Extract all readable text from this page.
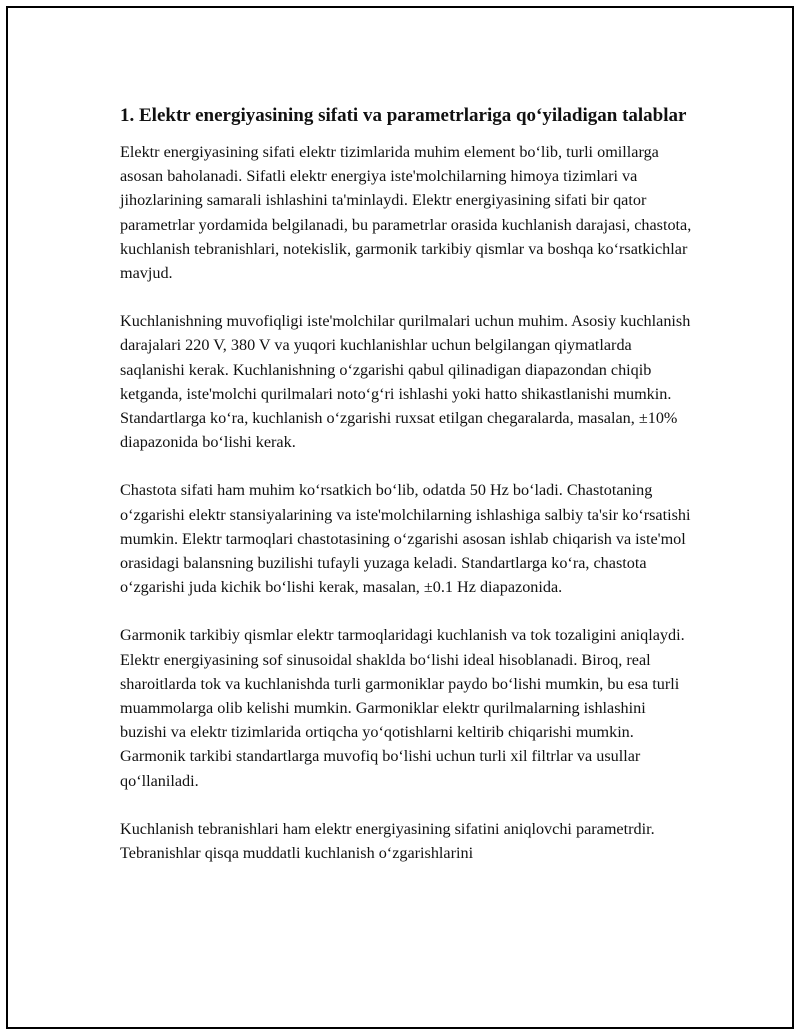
1. Elektr energiyasining sifati va parametrlariga qo‘yiladigan talablar

Elektr energiyasining sifati elektr tizimlarida muhim element bo‘lib, turli omillarga asosan baholanadi. Sifatli elektr energiya iste'molchilarning himoya tizimlari va jihozlarining samarali ishlashini ta'minlaydi. Elektr energiyasining sifati bir qator parametrlar yordamida belgilanadi, bu parametrlar orasida kuchlanish darajasi, chastota, kuchlanish tebranishlari, notekislik, garmonik tarkibiy qismlar va boshqa ko‘rsatkichlar mavjud.

Kuchlanishning muvofiqligi iste'molchilar qurilmalari uchun muhim. Asosiy kuchlanish darajalari 220 V, 380 V va yuqori kuchlanishlar uchun belgilangan qiymatlarda saqlanishi kerak. Kuchlanishning o‘zgarishi qabul qilinadigan diapazondan chiqib ketganda, iste'molchi qurilmalari noto‘g‘ri ishlashi yoki hatto shikastlanishi mumkin. Standartlarga ko‘ra, kuchlanish o‘zgarishi ruxsat etilgan chegaralarda, masalan, ±10% diapazonida bo‘lishi kerak.

Chastota sifati ham muhim ko‘rsatkich bo‘lib, odatda 50 Hz bo‘ladi. Chastotaning o‘zgarishi elektr stansiyalarining va iste'molchilarning ishlashiga salbiy ta'sir ko‘rsatishi mumkin. Elektr tarmoqlari chastotasining o‘zgarishi asosan ishlab chiqarish va iste'mol orasidagi balansning buzilishi tufayli yuzaga keladi. Standartlarga ko‘ra, chastota o‘zgarishi juda kichik bo‘lishi kerak, masalan, ±0.1 Hz diapazonida.

Garmonik tarkibiy qismlar elektr tarmoqlaridagi kuchlanish va tok tozaligini aniqlaydi. Elektr energiyasining sof sinusoidal shaklda bo‘lishi ideal hisoblanadi. Biroq, real sharoitlarda tok va kuchlanishda turli garmoniklar paydo bo‘lishi mumkin, bu esa turli muammolarga olib kelishi mumkin. Garmoniklar elektr qurilmalarning ishlashini buzishi va elektr tizimlarida ortiqcha yo‘qotishlarni keltirib chiqarishi mumkin. Garmonik tarkibi standartlarga muvofiq bo‘lishi uchun turli xil filtrlar va usullar qo‘llaniladi.

Kuchlanish tebranishlari ham elektr energiyasining sifatini aniqlovchi parametrdir. Tebranishlar qisqa muddatli kuchlanish o‘zgarishlarini
